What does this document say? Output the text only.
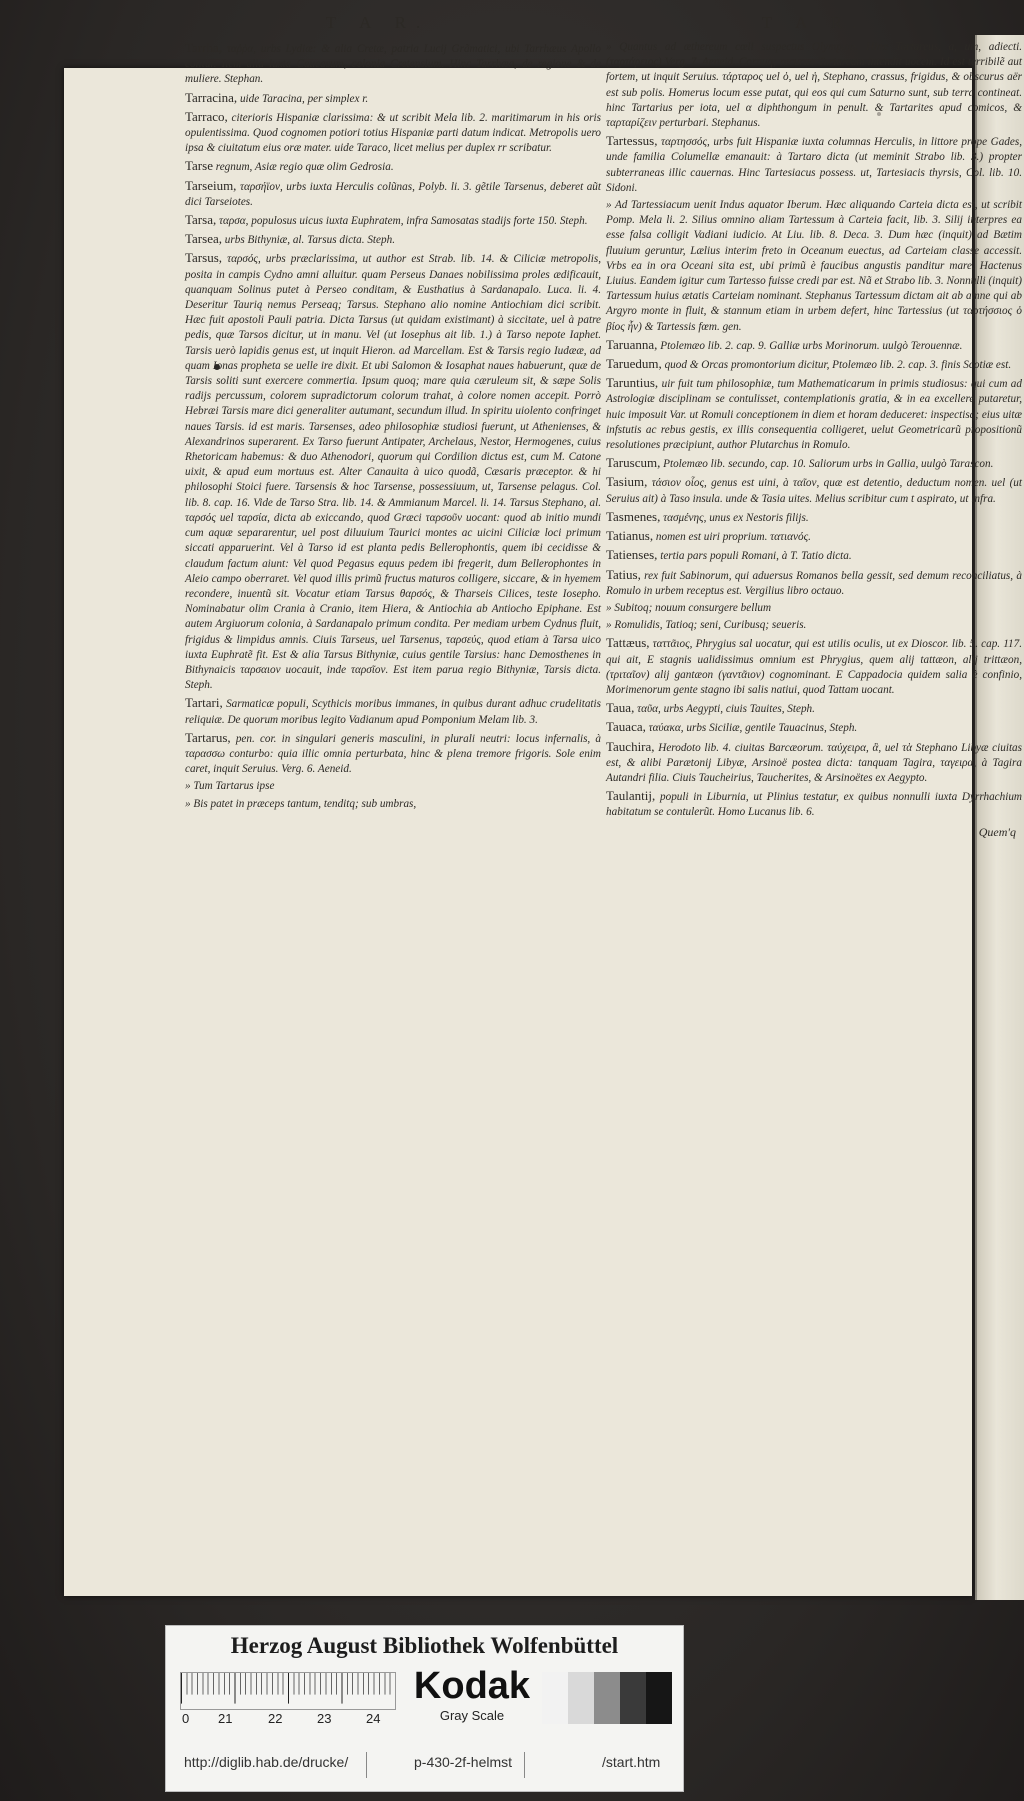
T A R.

Tarrha, ταῤῥα, urbs Lydiæ: & alia Cretæ, patria Lucij Grãmatici, ubi Tarrhæus Apollo colitur. Item alia iuxta Caucasum, colonia Cretensium. Hinc Tarrhæa, de regione & de muliere. Stephan.

Tarracina, uide Taracina, per simplex r.

Tarraco, citerioris Hispaniæ clarissima: & ut scribit Mela lib. 2. maritimarum in his oris opulentissima. Quod cognomen potiori totius Hispaniæ parti datum indicat. Metropolis uero ipsa & ciuitatum eius oræ mater. uide Taraco, licet melius per duplex rr scribatur.

Tarse regnum, Asiæ regio quæ olim Gedrosia.

Tarseium, ταρσήϊον, urbs iuxta Herculis colũnas, Polyb. li. 3. gẽtile Tarsenus, deberet aũt dici Tarseiotes.

Tarsa, ταρσα, populosus uicus iuxta Euphratem, infra Samosatas stadijs forte 150. Steph.

Tarsea, urbs Bithyniæ, al. Tarsus dicta. Steph.

Tarsus, ταρσός, urbs præclarissima, ut author est Strab. lib. 14. & Ciliciæ metropolis, posita in campis Cydno amni alluitur. quam Perseus Danaes nobilissima proles ædificauit, quanquam Solinus putet à Perseo conditam, & Eusthatius à Sardanapalo. Luca. li. 4. Deseritur Taurią nemus Perseaq; Tarsus. Stephano alio nomine Antiochiam dici scribit. Hæc fuit apostoli Pauli patria. Dicta Tarsus (ut quidam existimant) à siccitate, uel à patre pedis, quæ Tarsos dicitur, ut in manu. Vel (ut Iosephus ait lib. 1.) à Tarso nepote Iaphet. Tarsis uerò lapidis genus est, ut inquit Hieron. ad Marcellam. Est & Tarsis regio Iudææ, ad quam Ionas propheta se uelle ire dixit. Et ubi Salomon & Iosaphat naues habuerunt, quæ de Tarsis soliti sunt exercere commertia. Ipsum quoq; mare quia cæruleum sit, & sæpe Solis radijs percussum, colorem supradictorum colorum trahat, à colore nomen accepit. Porrò Hebræi Tarsis mare dici generaliter autumant, secundum illud. In spiritu uiolento confringet naues Tarsis. id est maris. Tarsenses, adeo philosophiæ studiosi fuerunt, ut Athenienses, & Alexandrinos superarent. Ex Tarso fuerunt Antipater, Archelaus, Nestor, Hermogenes, cuius Rhetoricam habemus: & duo Athenodori, quorum qui Cordilion dictus est, cum M. Catone uixit, & apud eum mortuus est. Alter Canauita à uico quodã, Cæsaris præceptor. & hi philosophi Stoici fuere. Tarsensis & hoc Tarsense, possessiuum, ut, Tarsense pelagus. Col. lib. 8. cap. 16. Vide de Tarso Stra. lib. 14. & Ammianum Marcel. li. 14. Tarsus Stephano, al. ταρσός uel ταρσία, dicta ab exiccando, quod Græci ταρσοῦν uocant: quod ab initio mundi cum aquæ separarentur, uel post diluuium Taurici montes ac uicini Ciliciæ loci primum siccati apparuerint. Vel à Tarso id est planta pedis Bellerophontis, quem ibi cecidisse & claudum factum aiunt: Vel quod Pegasus equus pedem ibi fregerit, dum Bellerophontes in Aleio campo oberraret. Vel quod illis primũ fructus maturos colligere, siccare, & in hyemem recondere, inuentũ sit. Vocatur etiam Tarsus θαρσός, & Tharseis Cilices, teste Iosepho. Nominabatur olim Crania à Cranio, item Hiera, & Antiochia ab Antiocho Epiphane. Est autem Argiuorum colonia, à Sardanapalo primum condita. Per mediam urbem Cydnus fluit, frigidus & limpidus amnis. Ciuis Tarseus, uel Tarsenus, ταρσεύς, quod etiam à Tarsa uico iuxta Euphratẽ fit. Est & alia Tarsus Bithyniæ, cuius gentile Tarsius: hanc Demosthenes in Bithynaicis ταρσαιον uocauit, inde ταρσῖον. Est item parua regio Bithyniæ, Tarsis dicta. Steph.

Tartari, Sarmaticæ populi, Scythicis moribus immanes, in quibus durant adhuc crudelitatis reliquiæ. De quorum moribus legito Vadianum apud Pomponium Melam lib. 3.

Tartarus, pen. cor. in singulari generis masculini, in plurali neutri: locus infernalis, à ταρασσω conturbo: quia illic omnia perturbata, hinc & plena tremore frigoris. Sole enim caret, inquit Seruius. Verg. 6. Aeneid.

» Tum Tartarus ipse

» Bis patet in præceps tantum, tenditq; sub umbras,

T A R.

» Quantus ad æthereum cœli suspectus Olympum. Hinc Tartareus, a, um, adiecti. (ταρτάρειος) Verg. 7. Aeneid. Cornuq; recuruo Tartaream intendit uocem. Id est terribilẽ aut fortem, ut inquit Seruius. τάρταρος uel ὁ, uel ἡ, Stephano, crassus, frigidus, & obscurus aër est sub polis. Homerus locum esse putat, qui eos qui cum Saturno sunt, sub terra contineat. hinc Tartarius per iota, uel α diphthongum in penult. & Tartarites apud comicos, & ταρταρίζειν perturbari. Stephanus.

Tartessus, ταρτησσός, urbs fuit Hispaniæ iuxta columnas Herculis, in littore prope Gades, unde familia Columellæ emanauit: à Tartaro dicta (ut meminit Strabo lib. 3.) propter subterraneas illic cauernas. Hinc Tartesiacus possess. ut, Tartesiacis thyrsis, Col. lib. 10. Sidoni.

» Ad Tartessiacum uenit Indus aquator Iberum. Hæc aliquando Carteia dicta est, ut scribit Pomp. Mela li. 2. Silius omnino aliam Tartessum à Carteia facit, lib. 3. Silij interpres ea esse falsa colligit Vadiani iudicio. At Liu. lib. 8. Deca. 3. Dum hæc (inquit) ad Bætim fluuium geruntur, Lælius interim freto in Oceanum euectus, ad Carteiam classe accessit. Vrbs ea in ora Oceani sita est, ubi primũ è faucibus angustis panditur mare. Hactenus Liuius. Eandem igitur cum Tartesso fuisse credi par est. Nã et Strabo lib. 3. Nonnulli (inquit) Tartessum huius ætatis Carteiam nominant. Stephanus Tartessum dictam ait ab amne qui ab Argyro monte in fluit, & stannum etiam in urbem defert, hinc Tartessius (ut ταρτήσσιος ὁ βίος ἦν) & Tartessis fœm. gen.

Taruanna, Ptolemæo lib. 2. cap. 9. Galliæ urbs Morinorum. uulgò Terouennæ.

Taruedum, quod & Orcas promontorium dicitur, Ptolemæo lib. 2. cap. 3. finis Scotiæ est.

Taruntius, uir fuit tum philosophiæ, tum Mathematicarum in primis studiosus: qui cum ad Astrologiæ disciplinam se contulisset, contemplationis gratia, & in ea excellere putaretur, huic imposuit Var. ut Romuli conceptionem in diem et horam deduceret: inspectisq; eius uitæ infstutis ac rebus gestis, ex illis consequentia colligeret, uelut Geometricarũ propositionũ resolutiones præcipiunt, author Plutarchus in Romulo.

Taruscum, Ptolemæo lib. secundo, cap. 10. Saliorum urbs in Gallia, uulgò Tarascon.

Tasium, τάσιον οἶος, genus est uini, à ταῖον, quæ est detentio, deductum nomen. uel (ut Seruius ait) à Taso insula. unde & Tasia uites. Melius scribitur cum t aspirato, ut infra.

Tasmenes, τασμένης, unus ex Nestoris filijs.

Tatianus, nomen est uiri proprium. τατιανός.

Tatienses, tertia pars populi Romani, à T. Tatio dicta.

Tatius, rex fuit Sabinorum, qui aduersus Romanos bella gessit, sed demum reconciliatus, à Romulo in urbem receptus est. Vergilius libro octauo.

» Subitoq; nouum consurgere bellum

» Romulidis, Tatioq; seni, Curibusq; seueris.

Tattæus, ταττᾶιος, Phrygius sal uocatur, qui est utilis oculis, ut ex Dioscor. lib. 5. cap. 117. qui ait, E stagnis ualidissimus omnium est Phrygius, quem alij tattæon, alij trittæon, (τριταῖον) alij gantæon (γαντᾶιον) cognominant. E Cappadocia quidem salia è confinio, Morimenorum gente stagno ibi salis natiui, quod Tattam uocant.

Taua, ταῦα, urbs Aegypti, ciuis Tauites, Steph.

Tauaca, ταύακα, urbs Siciliæ, gentile Tauacinus, Steph.

Tauchira, Herodoto lib. 4. ciuitas Barcæorum. ταύχειρα, ἃ, uel τὰ Stephano Libyæ ciuitas est, & alibi Parætonij Libyæ, Arsinoë postea dicta: tanquam Tagira, ταγειρα, à Tagira Autandri filia. Ciuis Taucheirius, Taucherites, & Arsinoëtes ex Aegypto.

Taulantij, populi in Liburnia, ut Plinius testatur, ex quibus nonnulli iuxta Dyrrhachium habitatum se contulerũt. Homo Lucanus lib. 6.

Quem'q
Herzog August Bibliothek Wolfenbüttel
0 21	22	23	24
Kodak
Gray Scale
http://diglib.hab.de/drucke/	p-430-2f-helmst	/start.htm
